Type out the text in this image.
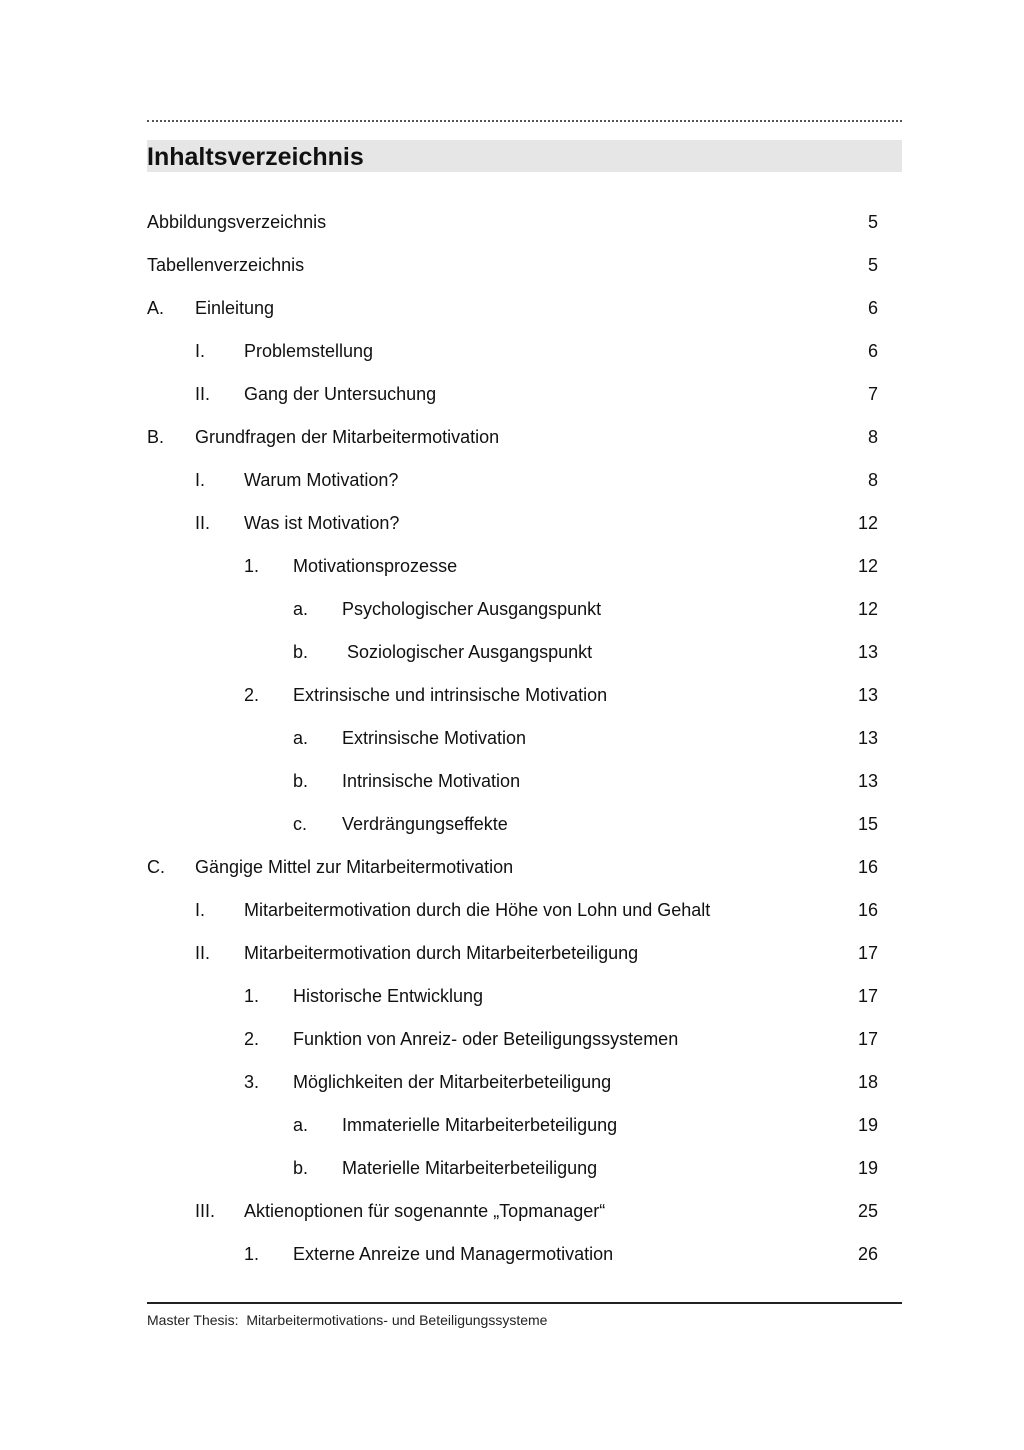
Inhaltsverzeichnis
Abbildungsverzeichnis	5
Tabellenverzeichnis	5
A. Einleitung	6
I. Problemstellung	6
II. Gang der Untersuchung	7
B. Grundfragen der Mitarbeitermotivation	8
I. Warum Motivation?	8
II. Was ist Motivation?	12
1. Motivationsprozesse	12
a. Psychologischer Ausgangspunkt	12
b. Soziologischer Ausgangspunkt	13
2. Extrinsische und intrinsische Motivation	13
a. Extrinsische Motivation	13
b. Intrinsische Motivation	13
c. Verdrängungseffekte	15
C. Gängige Mittel zur Mitarbeitermotivation	16
I. Mitarbeitermotivation durch die Höhe von Lohn und Gehalt	16
II. Mitarbeitermotivation durch Mitarbeiterbeteiligung	17
1. Historische Entwicklung	17
2. Funktion von Anreiz- oder Beteiligungssystemen	17
3. Möglichkeiten der Mitarbeiterbeteiligung	18
a. Immaterielle Mitarbeiterbeteiligung	19
b. Materielle Mitarbeiterbeteiligung	19
III. Aktienoptionen für sogenannte „Topmanager“	25
1. Externe Anreize und Managermotivation	26
Master Thesis:  Mitarbeitermotivations- und Beteiligungssysteme
